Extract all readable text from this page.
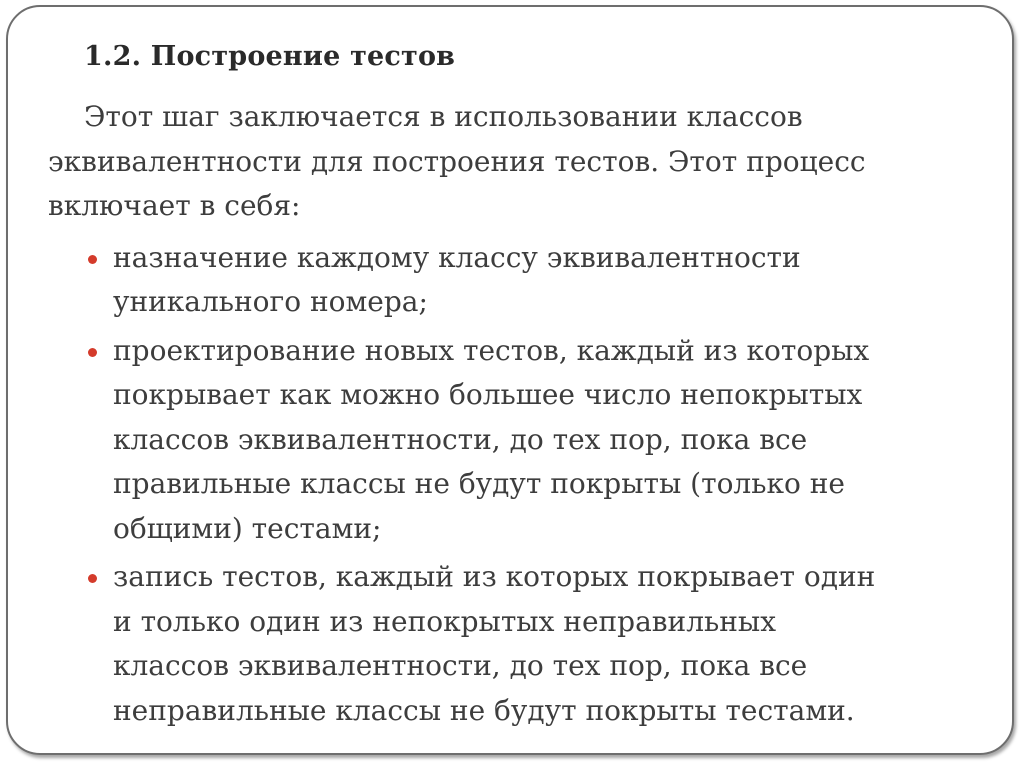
1.2. Построение тестов

Этот шаг заключается в использовании классов
эквивалентности для построения тестов. Этот процесс
включает в себя:

назначение каждому классу эквивалентности
уникального номера;
проектирование новых тестов, каждый из которых
покрывает как можно большее число непокрытых
классов эквивалентности, до тех пор, пока все
правильные классы не будут покрыты (только не
общими) тестами;
запись тестов, каждый из которых покрывает один
и только один из непокрытых неправильных
классов эквивалентности, до тех пор, пока все
неправильные классы не будут покрыты тестами.
